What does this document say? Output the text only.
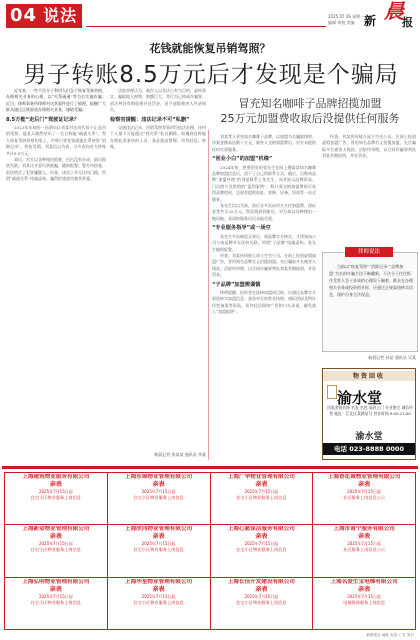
04 说法	2025 07 26 星期一
编辑 审校 美编 新 晨
报
花钱就能恢复吊销驾照？
男子转账8.5万元后才发现是个骗局
冒充知名咖啡子品牌招揽加盟
25万元加盟费收取后没提供任何服务

近年来，一些不法分子利用人们急于恢复驾驶资格、办理相关业务的心理，以“关系疏通”等为名实施诈骗。近日，律师事务所律师对这类案件进行了梳理，提醒广大群众通过正规渠道办理相关业务，谨防受骗。

8.5万能“走后门”驾驶证记录？

2023年年初的一场酒局让刘某付出的代价不止是吊销驾照。他某天偶然结识了一名自称能“疏通关系”、帮人恢复驾驶资格的男子，声称只要花钱就能在系统里“消除记录”，恢复驾照。刘某信以为真，分多次向对方转账共计8.5万元。

事后，对方以各种理由推脱，迟迟没有办成，最后彻底失联。刘某这才意识到被骗，随即报警。警方经侦查，很快锁定了犯罪嫌疑人。经查，该男子并无任何门路，所谓“疏通关系”纯属虚构，骗得的钱款均被其挥霍。

法院审理认为，被告人以非法占有为目的，虚构事实，骗取他人财物，数额巨大，其行为已构成诈骗罪，依法判处有期徒刑并处罚金，责令退赔被害人经济损失。

检察官提醒：违法记录不可“私删”

交通违法记录、吊销驾照等事项均依法办理，任何个人都不可能通过“找关系”私自删除。如遇到自称能办理此类事项的人员，务必提高警惕，切勿轻信、转账。

新晨记者 张某某 通讯员 李某

刘某等人冒充知名咖啡子品牌，以加盟为名骗取钱财，涉案金额高达数十万元，被害人交纳加盟费后，对方未提供任何实质服务。

“创业小白”的加盟“机缘”

2024年初，想要创业的张先生在网上搜索某知名咖啡品牌加盟信息后，留下了自己的联系方式。随后，自称该品牌“加盟经理”的刘某联系上张先生，向其展示品牌资质、门店照片及所谓的“盈利案例”，称只需交纳加盟费即可获得品牌授权，总部会提供选址、装修、设备、培训等一站式服务。

张先生信以为真，前后分多次向对方支付加盟费、保证金等共计25万元。然而钱款到账后，对方却以各种理由一拖再拖，承诺的服务迟迟未能兑现。

“专业服务指导”或一场空

张先生多次催促无果后，到品牌官方核实，才得知该公司与该品牌并无任何关联，所谓“子品牌”纯属虚构。张先生随即报警。

经查，刘某伙同他人成立空壳公司，在网上投放虚假加盟广告，冒用知名品牌名义招揽加盟，先后骗取多名被害人钱款。法院经审理，以合同诈骗罪判处刘某有期徒刑，并处罚金。

“子品牌”加盟需谨慎

律师提醒，投资者在选择加盟项目时，应通过品牌官方渠道核实加盟信息，查验对方的营业执照、商标授权及特许经营备案等资质，切勿轻信网络广告和口头承诺，避免落入“加盟陷阱”。

经查，刘某伙同他人成立空壳公司，在网上投放虚假加盟广告，冒用知名品牌名义招揽加盟，先后骗取多名被害人钱款。法院经审理，以合同诈骗罪判处刘某有期徒刑，并处罚金。

律师说法
当前以“恢复驾照”“消除记录”“品牌加盟”为名的诈骗手段不断翻新，不法分子往往抓住受害人急于求成的心理设下圈套。群众在办理相关业务或投资创业时，应通过正规渠道核实信息，保护自身合法权益。
新晨记者 孙某 通讯员 吴某
物资回收
渝水堂
回收金银首饰 名表 名包 高价上门 专业鉴定 诚信经营 地址：江北区某路某号 营业时间 9:00-21:00
渝水堂
电话 023-8888 0000
上海建筑物业服务有限公司
亲表
2025年7月15日起
住宅小区物业服务上岗信息
上海东锦物业管理有限公司
亲表
2025年7月15日起
住宅小区物业服务上岗信息
上海广华物业管理有限公司
亲表
2025年7月15日起
住宅小区物业服务上岗信息
上海香花城物业管理有限公司
亲表
2025年7月15日起
社区服务上岗信息公示
上海新金物业管理有限公司
亲表
2025年7月15日起
住宅小区物业服务上岗信息
上海欣同物业管理有限公司
亲表
2025年7月15日起
住宅小区物业服务上岗信息
上海心愿保洁服务有限公司
亲表
2025年7月15日起
住宅小区物业服务上岗信息
上海市南宁服务有限公司
亲表
2025年7月15日起
社区服务上岗信息公示
上海弘明物业管理有限公司
亲表
2025年7月15日起
住宅小区物业服务上岗信息
上海华星物业管理有限公司
亲表
2025年7月15日起
住宅小区物业服务上岗信息
上海长佳开发建设有限公司
亲表
2025年7月15日起
住宅小区物业服务上岗信息
上海名爱生宝电梯有限公司
亲表
2025年7月15日起
电梯维保服务上岗信息
新晨报社 地址 电话 广告 发行
